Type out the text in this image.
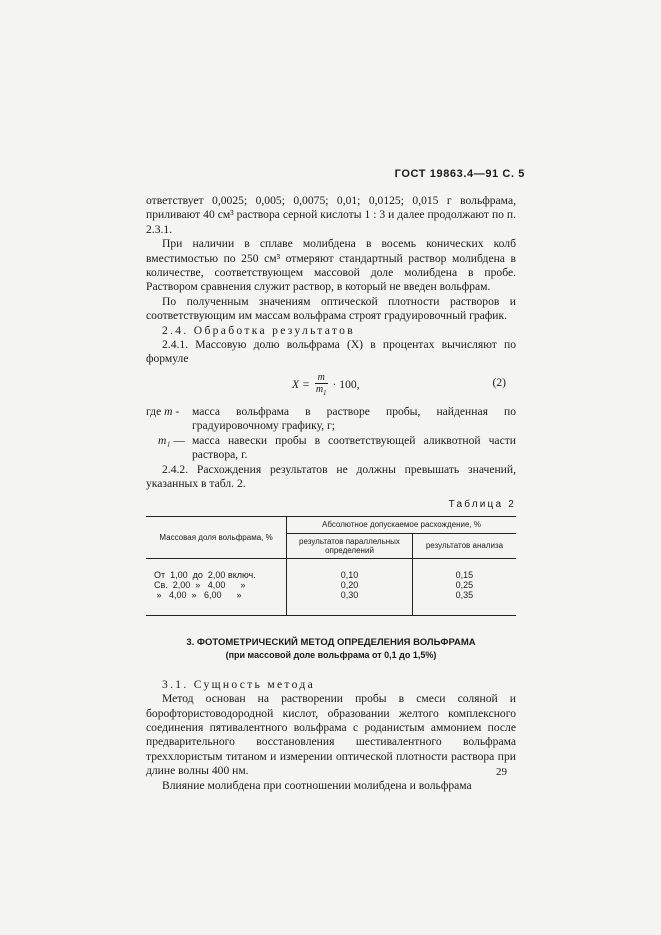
ГОСТ 19863.4—91 С. 5

ответствует 0,0025; 0,005; 0,0075; 0,01; 0,0125; 0,015 г вольфрама, приливают 40 см³ раствора серной кислоты 1 : 3 и далее продолжают по п. 2.3.1.

При наличии в сплаве молибдена в восемь конических колб вместимостью по 250 см³ отмеряют стандартный раствор молибдена в количестве, соответствующем массовой доле молибдена в пробе. Раствором сравнения служит раствор, в который не введен вольфрам.

По полученным значениям оптической плотности растворов и соответствующим им массам вольфрама строят градуировочный график.

2.4. Обработка результатов

2.4.1. Массовую долю вольфрама (X) в процентах вычисляют по формуле

$X = \frac{m}{m_1} \cdot 100$,	(2)
где m -	масса вольфрама в растворе пробы, найденная по градуировочному графику, г;
m₁ — масса навески пробы в соответствующей аликвотной части раствора, г.

2.4.2. Расхождения результатов не должны превышать значений, указанных в табл. 2.

Таблица 2
Массовая доля вольфрама, %	Абсолютное допускаемое расхождение, %	
	результатов параллельных определений	результатов анализа
От  1,00  до  2,00 включ.	0,10	0,15
Св.  2,00  »   4,00      »	0,20	0,25
»   4,00  »   6,00      »	0,30	0,35
3. ФОТОМЕТРИЧЕСКИЙ МЕТОД ОПРЕДЕЛЕНИЯ ВОЛЬФРАМА
(при массовой доле вольфрама от 0,1 до 1,5%)

3.1. Сущность метода

Метод основан на растворении пробы в смеси соляной и борофтористоводородной кислот, образовании желтого комплексного соединения пятивалентного вольфрама с роданистым аммонием после предварительного восстановления шестивалентного вольфрама треххлористым титаном и измерении оптической плотности раствора при длине волны 400 нм.

Влияние молибдена при соотношении молибдена и вольфрама

29
